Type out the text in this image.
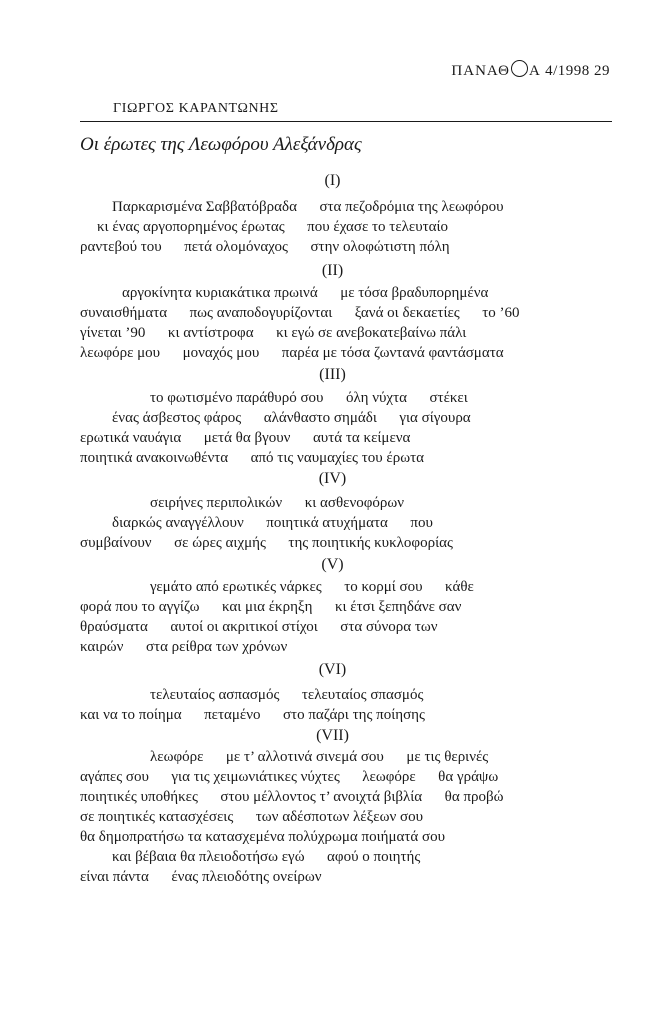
ΠΑΝΑΘ Α 4/1998 29
ΓΙΩΡΓΟΣ ΚΑΡΑΝΤΩΝΗΣ
Οι έρωτες της Λεωφόρου Αλεξάνδρας
(I)
Παρκαρισμένα Σαββατόβραδα      στα πεζοδρόμια της λεωφόρου
κι ένας αργοπορημένος έρωτας      που έχασε το τελευταίο
ραντεβού του      πετά ολομόναχος      στην ολοφώτιστη πόλη
(II)
αργοκίνητα κυριακάτικα πρωινά      με τόσα βραδυπορημένα
συναισθήματα      πως αναποδογυρίζονται      ξανά οι δεκαετίες      το ’60
γίνεται ’90      κι αντίστροφα      κι εγώ σε ανεβοκατεβαίνω πάλι
λεωφόρε μου      μοναχός μου      παρέα με τόσα ζωντανά φαντάσματα
(III)
το φωτισμένο παράθυρό σου      όλη νύχτα      στέκει
ένας άσβεστος φάρος      αλάνθαστο σημάδι      για σίγουρα
ερωτικά ναυάγια      μετά θα βγουν      αυτά τα κείμενα
ποιητικά ανακοινωθέντα      από τις ναυμαχίες του έρωτα
(IV)
σειρήνες περιπολικών      κι ασθενοφόρων
διαρκώς αναγγέλλουν      ποιητικά ατυχήματα      που
συμβαίνουν      σε ώρες αιχμής      της ποιητικής κυκλοφορίας
(V)
γεμάτο από ερωτικές νάρκες      το κορμί σου      κάθε
φορά που το αγγίζω      και μια έκρηξη      κι έτσι ξεπηδάνε σαν
θραύσματα      αυτοί οι ακριτικοί στίχοι      στα σύνορα των
καιρών      στα ρείθρα των χρόνων
(VI)
τελευταίος ασπασμός      τελευταίος σπασμός
και να το ποίημα      πεταμένο      στο παζάρι της ποίησης
(VII)
λεωφόρε      με τ’ αλλοτινά σινεμά σου      με τις θερινές
αγάπες σου      για τις χειμωνιάτικες νύχτες      λεωφόρε      θα γράψω
ποιητικές υποθήκες      στου μέλλοντος τ’ ανοιχτά βιβλία      θα προβώ
σε ποιητικές κατασχέσεις      των αδέσποτων λέξεων σου
θα δημοπρατήσω τα κατασχεμένα πολύχρωμα ποιήματά σου
και βέβαια θα πλειοδοτήσω εγώ      αφού ο ποιητής
είναι πάντα      ένας πλειοδότης ονείρων
